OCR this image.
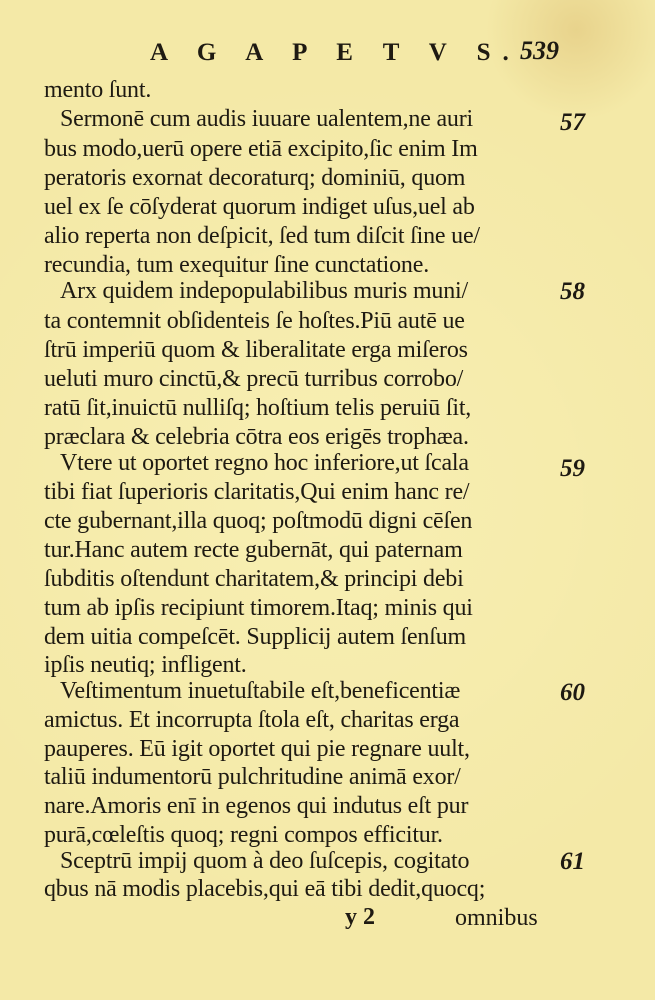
A G A P E T V S. 539
mento ſunt.
Sermonē cum audis iuuare ualentem,ne auri
bus modo,uerū opere etiā excipito,ſic enim Im
peratoris exornat decoraturq; dominiū, quom
uel ex ſe cōſyderat quorum indiget uſus,uel ab
alio reperta non deſpicit, ſed tum diſcit ſine ue/
recundia, tum exequitur ſine cunctatione.
Arx quidem indepopulabilibus muris muni/
ta contemnit obſidenteis ſe hoſtes.Piū autē ue
ſtrū imperiū quom & liberalitate erga miſeros
ueluti muro cinctū,& precū turribus corrobo/
ratū ſit,inuictū nulliſq; hoſtium telis peruiū ſit,
præclara & celebria cōtra eos erigēs trophæa.
Vtere ut oportet regno hoc inferiore,ut ſcala
tibi fiat ſuperioris claritatis,Qui enim hanc re/
cte gubernant,illa quoq; poſtmodū digni cēſen
tur.Hanc autem recte gubernāt, qui paternam
ſubditis oſtendunt charitatem,& principi debi
tum ab ipſis recipiunt timorem.Itaq; minis qui
dem uitia compeſcēt. Supplicij autem ſenſum
ipſis neutiq; infligent.
Veſtimentum inuetuſtabile eſt,beneficentiæ
amictus. Et incorrupta ſtola eſt, charitas erga
pauperes. Eū igit oportet qui pie regnare uult,
taliū indumentorū pulchritudine animā exor/
nare.Amoris enī in egenos qui indutus eſt pur
purā,cœleſtis quoq; regni compos efficitur.
Sceptrū impij quom à deo ſuſcepis, cogitato
qbus nā modis placebis,qui eā tibi dedit,quocq;
57
58
59
60
61
y 2	omnibus
